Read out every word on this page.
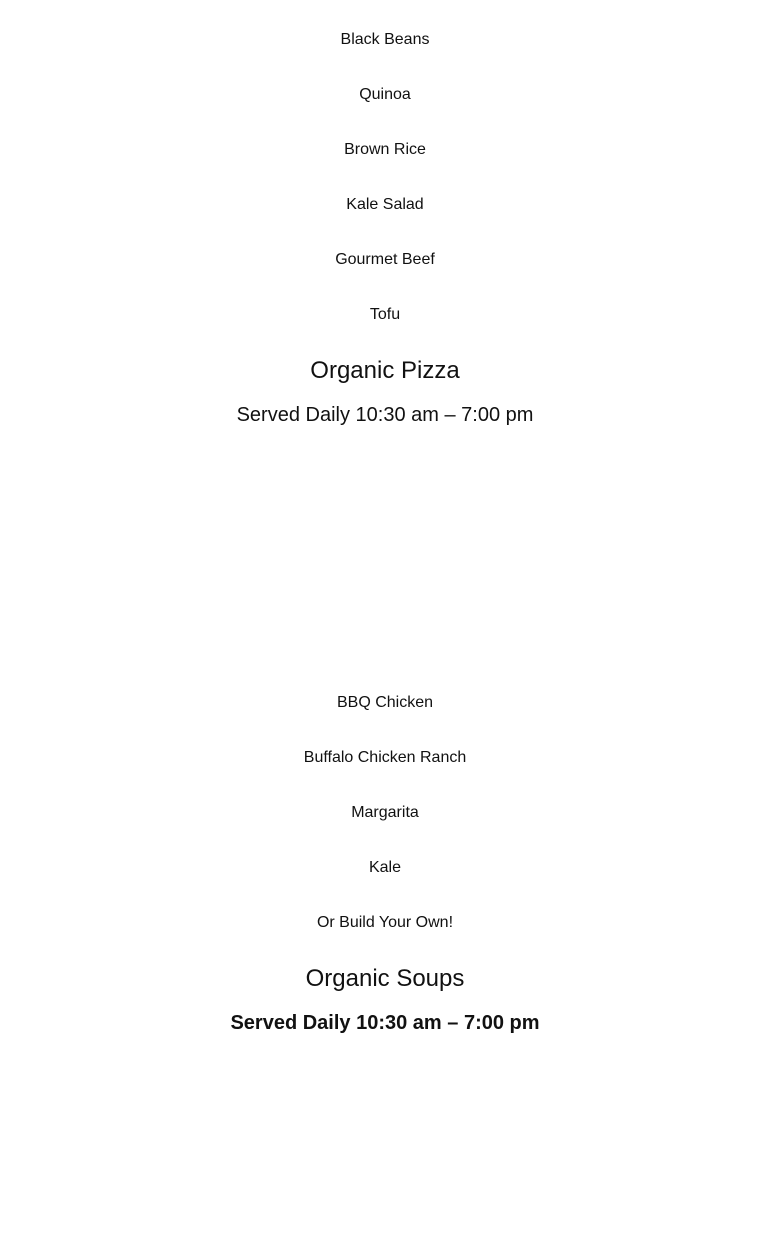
Black Beans
Quinoa
Brown Rice
Kale Salad
Gourmet Beef
Tofu
Organic Pizza
Served Daily 10:30 am – 7:00 pm
BBQ Chicken
Buffalo Chicken Ranch
Margarita
Kale
Or Build Your Own!
Organic Soups
Served Daily 10:30 am – 7:00 pm
